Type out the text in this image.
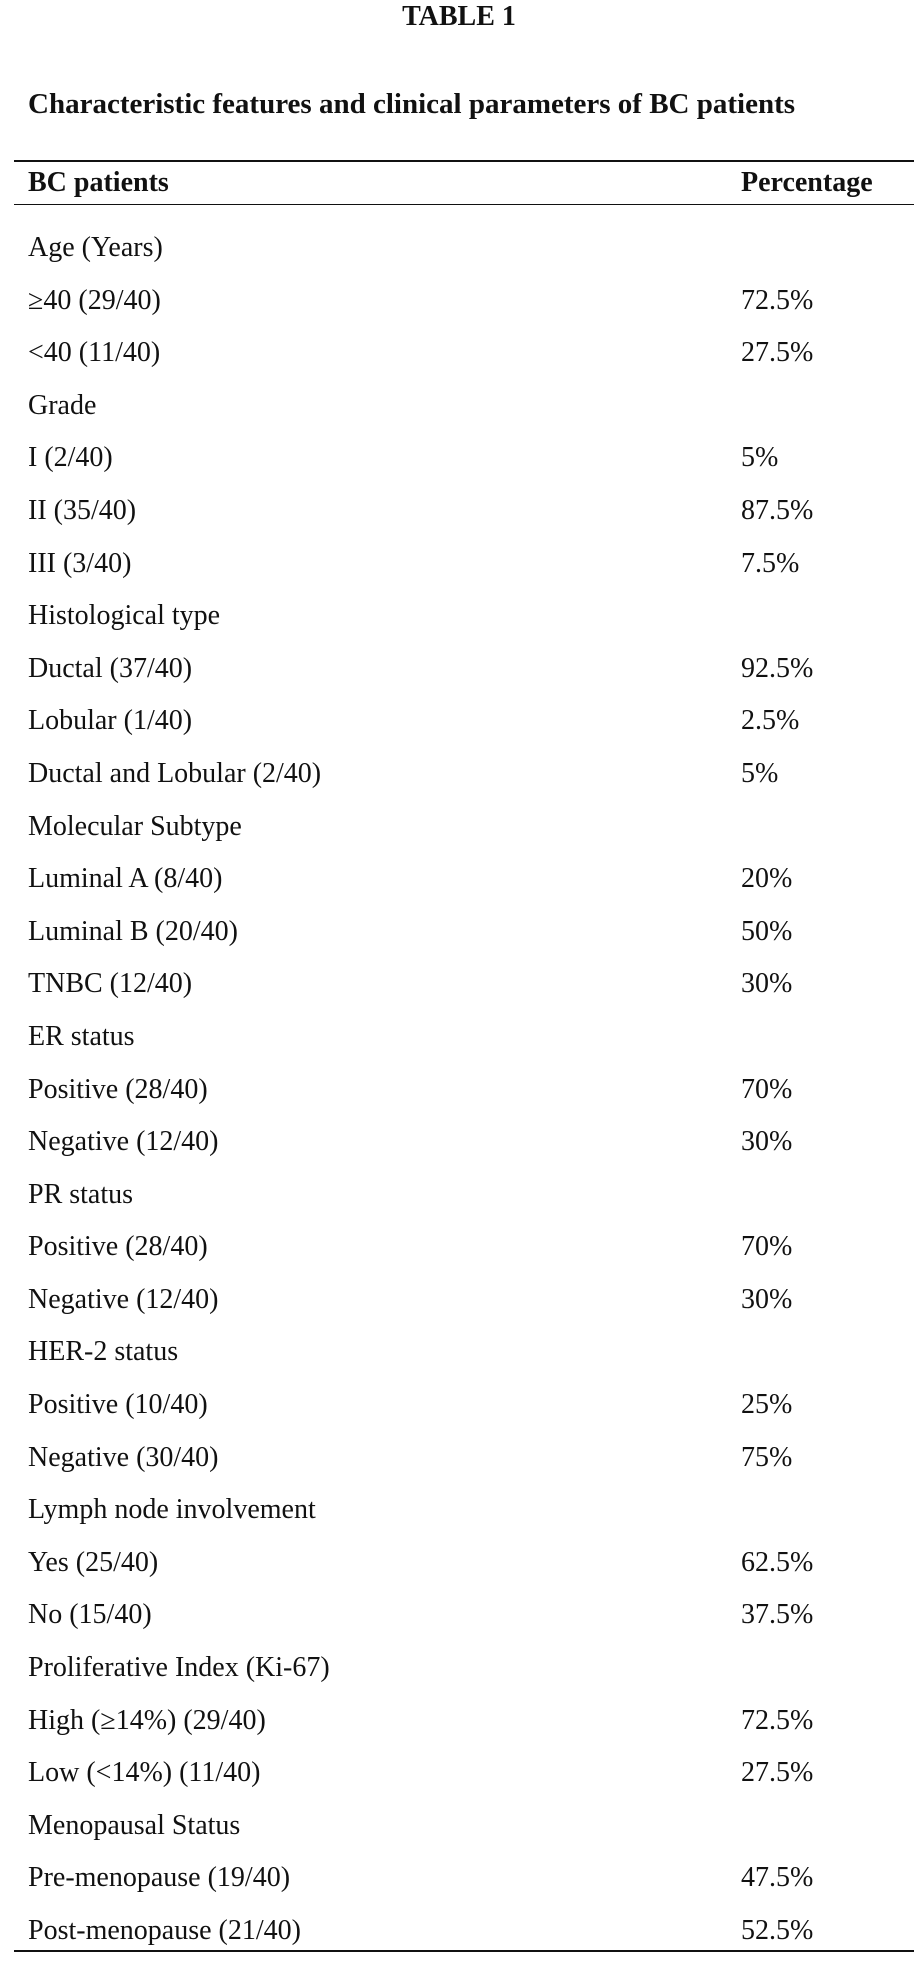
TABLE 1
Characteristic features and clinical parameters of BC patients
BC patients	Percentage
Age (Years)
≥40 (29/40)	72.5%
<40 (11/40)	27.5%
Grade
I (2/40)	5%
II (35/40)	87.5%
III (3/40)	7.5%
Histological type
Ductal (37/40)	92.5%
Lobular (1/40)	2.5%
Ductal and Lobular (2/40)	5%
Molecular Subtype
Luminal A (8/40)	20%
Luminal B (20/40)	50%
TNBC (12/40)	30%
ER status
Positive (28/40)	70%
Negative (12/40)	30%
PR status
Positive (28/40)	70%
Negative (12/40)	30%
HER-2 status
Positive (10/40)	25%
Negative (30/40)	75%
Lymph node involvement
Yes (25/40)	62.5%
No (15/40)	37.5%
Proliferative Index (Ki-67)
High (≥14%) (29/40)	72.5%
Low (<14%) (11/40)	27.5%
Menopausal Status
Pre-menopause (19/40)	47.5%
Post-menopause (21/40)	52.5%
